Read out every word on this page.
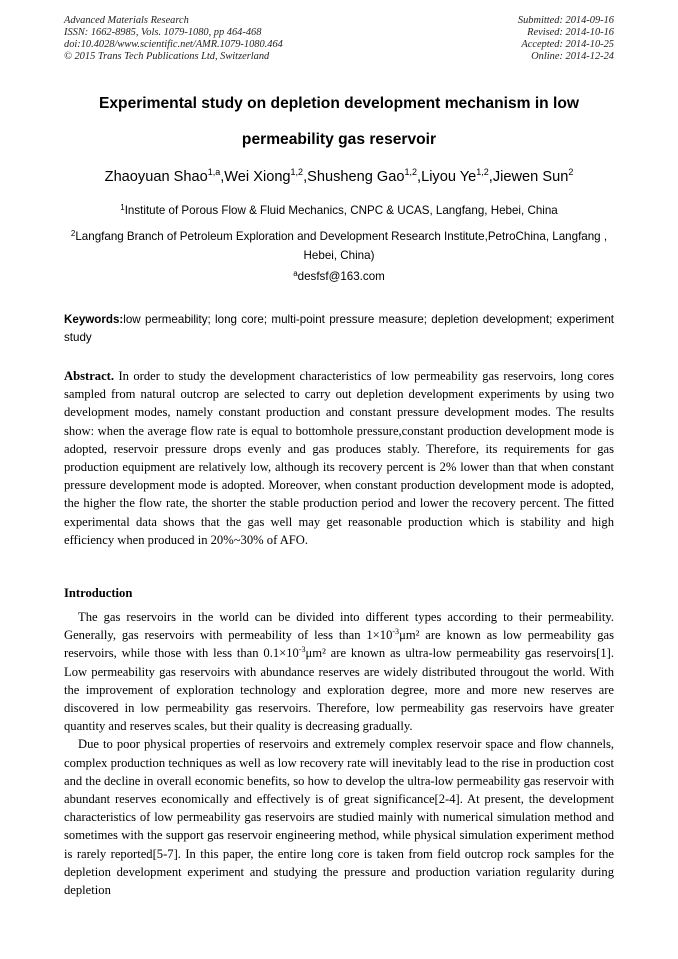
Advanced Materials Research
ISSN: 1662-8985, Vols. 1079-1080, pp 464-468
doi:10.4028/www.scientific.net/AMR.1079-1080.464
© 2015 Trans Tech Publications Ltd, Switzerland
Submitted: 2014-09-16
Revised: 2014-10-16
Accepted: 2014-10-25
Online: 2014-12-24
Experimental study on depletion development mechanism in low permeability gas reservoir
Zhaoyuan Shao$^{1,a}$,Wei Xiong$^{1,2}$,Shusheng Gao$^{1,2}$,Liyou Ye$^{1,2}$,Jiewen Sun$^2$
$^1$Institute of Porous Flow & Fluid Mechanics, CNPC & UCAS, Langfang, Hebei, China
$^2$Langfang Branch of Petroleum Exploration and Development Research Institute,PetroChina, Langfang , Hebei, China)
$^a$desfsf@163.com
Keywords:low permeability; long core; multi-point pressure measure; depletion development; experiment study
Abstract. In order to study the development characteristics of low permeability gas reservoirs, long cores sampled from natural outcrop are selected to carry out depletion development experiments by using two development modes, namely constant production and constant pressure development modes. The results show: when the average flow rate is equal to bottomhole pressure,constant production development mode is adopted, reservoir pressure drops evenly and gas produces stably. Therefore, its requirements for gas production equipment are relatively low, although its recovery percent is 2% lower than that when constant pressure development mode is adopted. Moreover, when constant production development mode is adopted, the higher the flow rate, the shorter the stable production period and lower the recovery percent. The fitted experimental data shows that the gas well may get reasonable production which is stability and high efficiency when produced in 20%~30% of AFO.
Introduction

The gas reservoirs in the world can be divided into different types according to their permeability. Generally, gas reservoirs with permeability of less than $1\times 10^{-3}\mu m^2$ are known as low permeability gas reservoirs, while those with less than $0.1\times 10^{-3}\mu m^2$ are known as ultra-low permeability gas reservoirs[1]. Low permeability gas reservoirs with abundance reserves are widely distributed througout the world. With the improvement of exploration technology and exploration degree, more and more new reserves are discovered in low permeability gas reservoirs. Therefore, low permeability gas reservoirs have greater quantity and reserves scales, but their quality is decreasing gradually.

Due to poor physical properties of reservoirs and extremely complex reservoir space and flow channels, complex production techniques as well as low recovery rate will inevitably lead to the rise in production cost and the decline in overall economic benefits, so how to develop the ultra-low permeability gas reservoir with abundant reserves economically and effectively is of great significance[2-4]. At present, the development characteristics of low permeability gas reservoirs are studied mainly with numerical simulation method and sometimes with the support gas reservoir engineering method, while physical simulation experiment method is rarely reported[5-7]. In this paper, the entire long core is taken from field outcrop rock samples for the depletion development experiment and studying the pressure and production variation regularity during depletion
